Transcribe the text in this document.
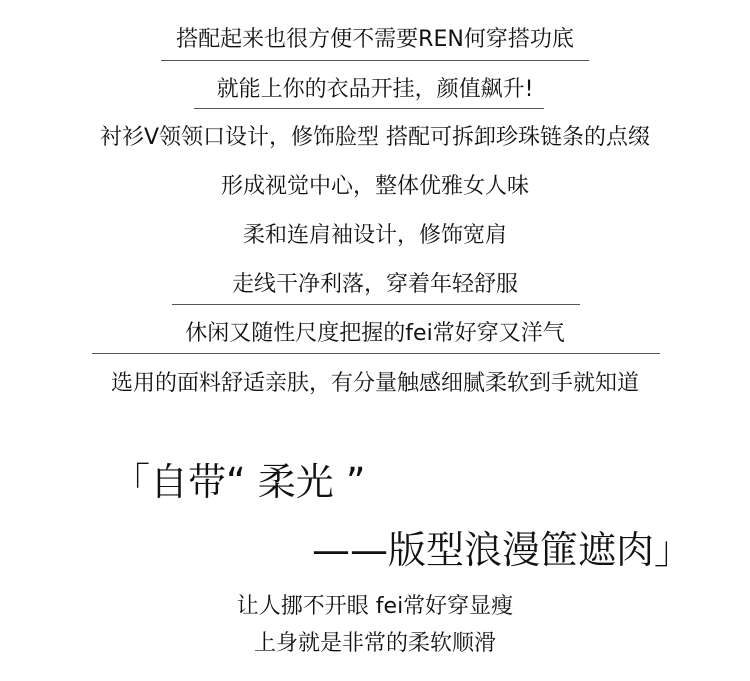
搭配起来也很方便不需要REN何穿搭功底
就能上你的衣品开挂，颜值飙升!
衬衫V领领口设计，修饰脸型 搭配可拆卸珍珠链条的点缀
形成视觉中心，整体优雅女人味
柔和连肩袖设计，修饰宽肩
走线干净利落，穿着年轻舒服
休闲又随性尺度把握的fei常好穿又洋气
选用的面料舒适亲肤，有分量触感细腻柔软到手就知道
「自带“ 柔光 ”
——版型浪漫篚遮肉」
让人挪不开眼 fei常好穿显瘦
上身就是非常的柔软顺滑
